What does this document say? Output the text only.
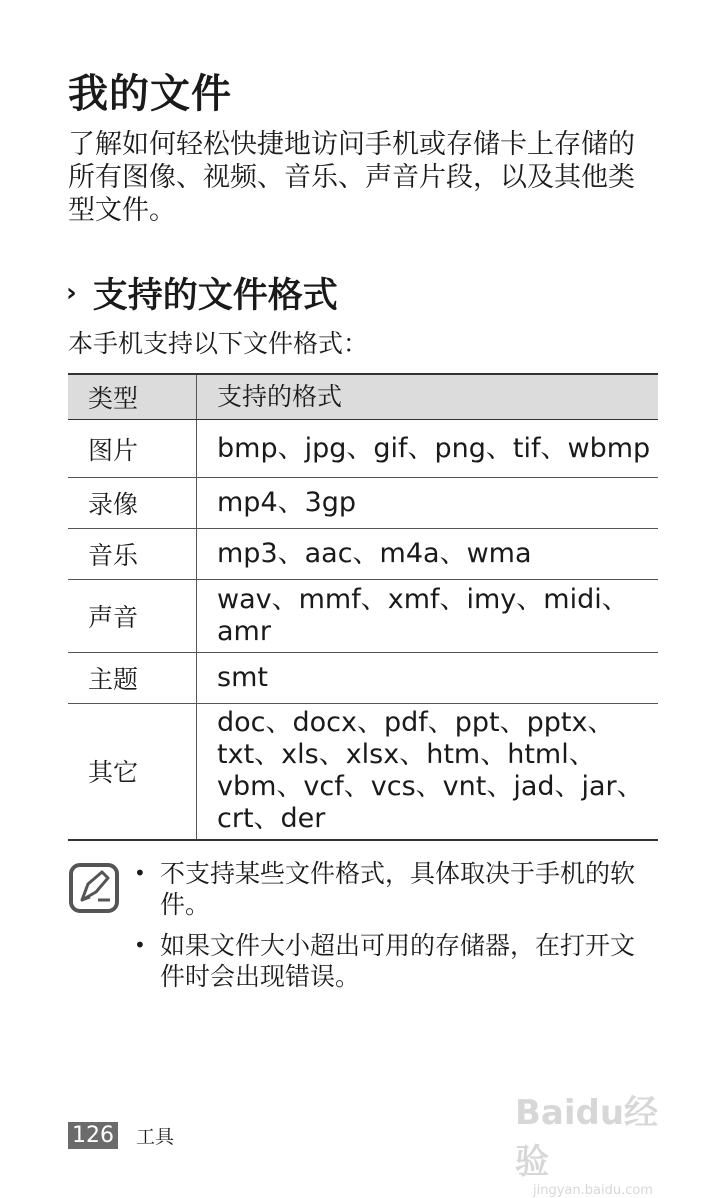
我的文件

了解如何轻松快捷地访问手机或存储卡上存储的所有图像、视频、音乐、声音片段，以及其他类型文件。

› 支持的文件格式

本手机支持以下文件格式：

类型	支持的格式
图片	bmp、jpg、gif、png、tif、wbmp
录像	mp4、3gp
音乐	mp3、aac、m4a、wma
声音	wav、mmf、xmf、imy、midi、amr
主题	smt
其它	doc、docx、pdf、ppt、pptx、txt、xls、xlsx、htm、html、vbm、vcf、vcs、vnt、jad、jar、crt、der
• 不支持某些文件格式，具体取决于手机的软件。
• 如果文件大小超出可用的存储器，在打开文件时会出现错误。
126 工具
Baidu经验
jingyan.baidu.com
